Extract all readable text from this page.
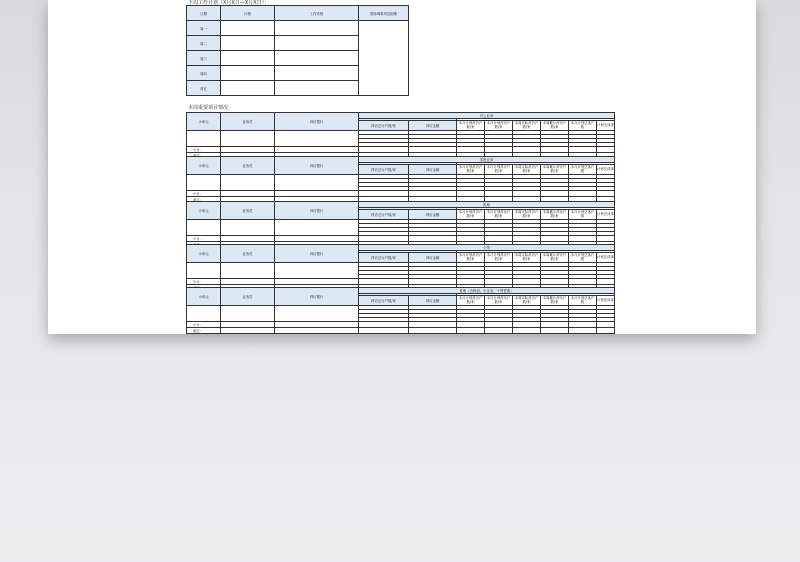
下周工作计划（X月X日—X月X日）：
日期	行程	工作安排	需协调事项及困难
周一			
周二			
周三			
周四			
周五			
本周重要项目情况
小单元	业务员	拜访银行	对公业务							

			拜访总行户数/家	拜访金额	本月计划拜访户数/家	本月计划拜访户数/家	本周实际拜访户数/家	本周累计拜访户数/家	本月计划总客户数	计划完成率

小计：										

小单元	业务员	拜访银行	零售业务							

			拜访总行户数/家	拜访金额	本月计划拜访户数/家	本月计划拜访户数/家	本周实际拜访户数/家	本周累计拜访户数/家	本月计划总客户数	计划完成率

小计：										
备注：										
小单元	业务员	拜访银行	机构							

			拜访总行户数/家	拜访金额	本月计划拜访户数/家	本月计划拜访户数/家	本周实际拜访户数/家	本周累计拜访户数/家	本月计划总客户数	计划完成率

小计：										

小单元	业务员	拜访银行	个贷							

			拜访总行户数/家	拜访金额	本月计划拜访户数/家	本月计划拜访户数/家	本周实际拜访户数/家	本周累计拜访户数/家	本月计划总客户数	计划完成率

小计：										

小单元	业务员	拜访银行	普惠（含科创、小企业、个贷普惠）							

			拜访总行户数/家	拜访金额	本月计划拜访户数/家	本月计划拜访户数/家	本周实际拜访户数/家	本周累计拜访户数/家	本月计划总客户数	计划完成率

小计：										
备注：										
